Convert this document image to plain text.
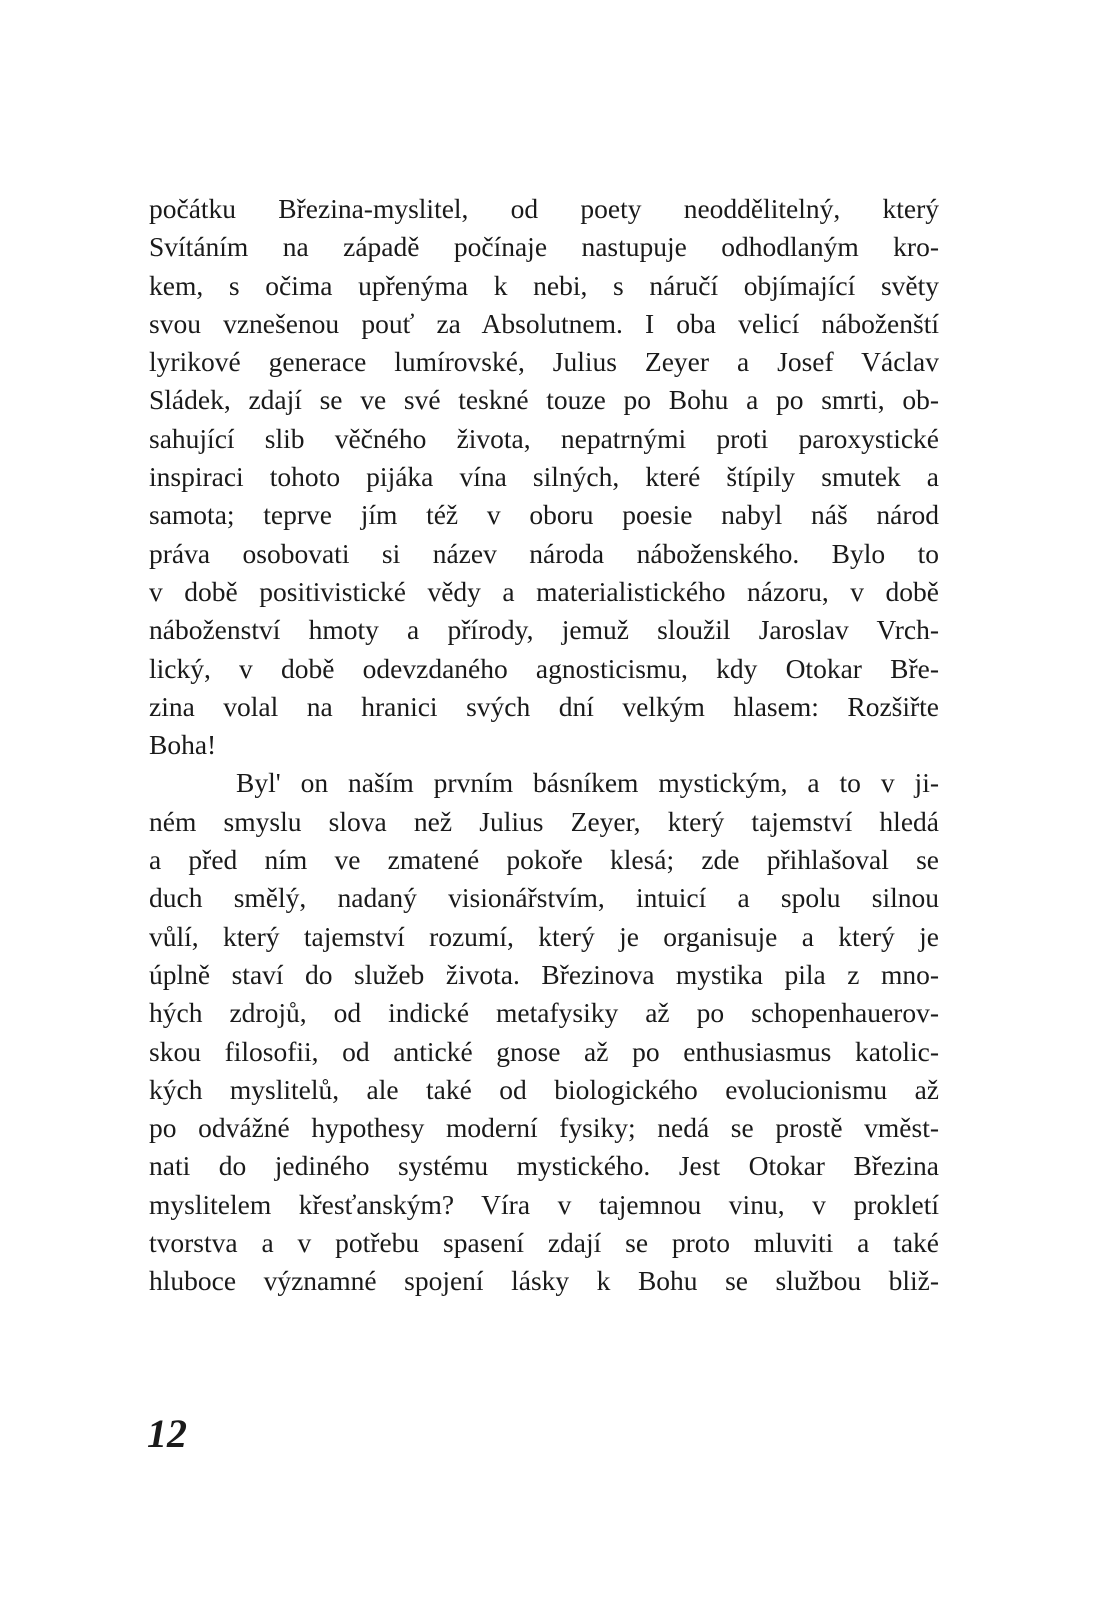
počátku Březina-myslitel, od poety neoddělitelný, který
Svítáním na západě počínaje nastupuje odhodlaným kro-
kem, s očima upřenýma k nebi, s náručí objímající světy
svou vznešenou pouť za Absolutnem. I oba velicí náboženští
lyrikové generace lumírovské, Julius Zeyer a Josef Václav
Sládek, zdají se ve své teskné touze po Bohu a po smrti, ob-
sahující slib věčného života, nepatrnými proti paroxystické
inspiraci tohoto pijáka vína silných, které štípily smutek a
samota; teprve jím též v oboru poesie nabyl náš národ
práva osobovati si název národa náboženského. Bylo to
v době positivistické vědy a materialistického názoru, v době
náboženství hmoty a přírody, jemuž sloužil Jaroslav Vrch-
lický, v době odevzdaného agnosticismu, kdy Otokar Bře-
zina volal na hranici svých dní velkým hlasem: Rozšiřte
Boha!
Byl' on naším prvním básníkem mystickým, a to v ji-
ném smyslu slova než Julius Zeyer, který tajemství hledá
a před ním ve zmatené pokoře klesá; zde přihlašoval se
duch smělý, nadaný visionářstvím, intuicí a spolu silnou
vůlí, který tajemství rozumí, který je organisuje a který je
úplně staví do služeb života. Březinova mystika pila z mno-
hých zdrojů, od indické metafysiky až po schopenhauerov-
skou filosofii, od antické gnose až po enthusiasmus katolic-
kých myslitelů, ale také od biologického evolucionismu až
po odvážné hypothesy moderní fysiky; nedá se prostě vměst-
nati do jediného systému mystického. Jest Otokar Březina
myslitelem křesťanským? Víra v tajemnou vinu, v prokletí
tvorstva a v potřebu spasení zdají se proto mluviti a také
hluboce významné spojení lásky k Bohu se službou bliž-
12
